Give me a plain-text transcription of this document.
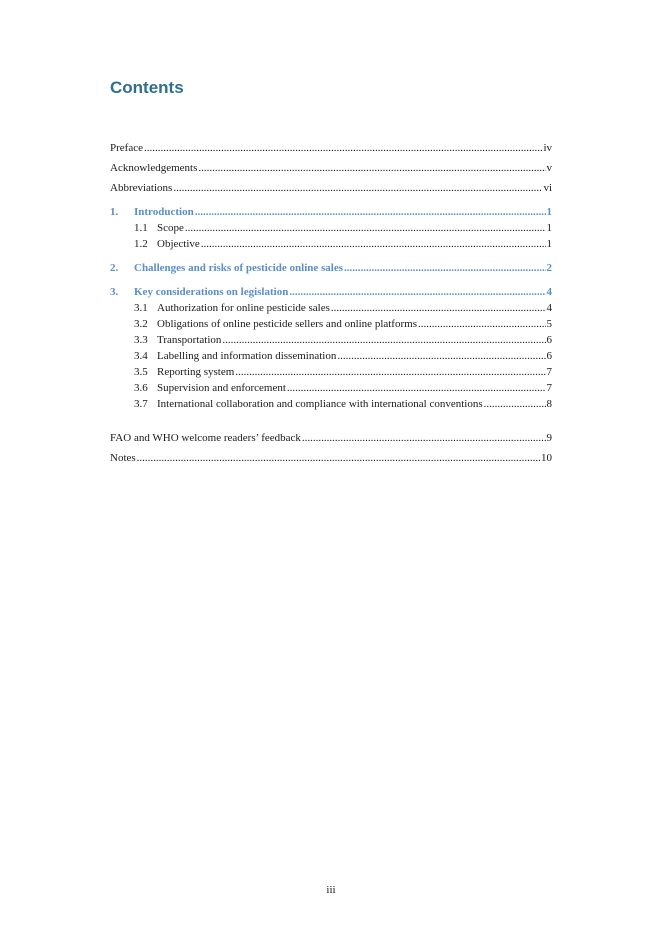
Contents
Preface .....	iv
Acknowledgements .....	v
Abbreviations .....	vi
1.	Introduction .....	1
1.1 Scope .....	1
1.2 Objective .....	1
2.	Challenges and risks of pesticide online sales .....	2
3.	Key considerations on legislation .....	4
3.1 Authorization for online pesticide sales .....	4
3.2 Obligations of online pesticide sellers and online platforms .....	5
3.3 Transportation .....	6
3.4 Labelling and information dissemination .....	6
3.5 Reporting system .....	7
3.6 Supervision and enforcement .....	7
3.7 International collaboration and compliance with international conventions .....	8
FAO and WHO welcome readers’ feedback .....	9
Notes .....	10
iii
